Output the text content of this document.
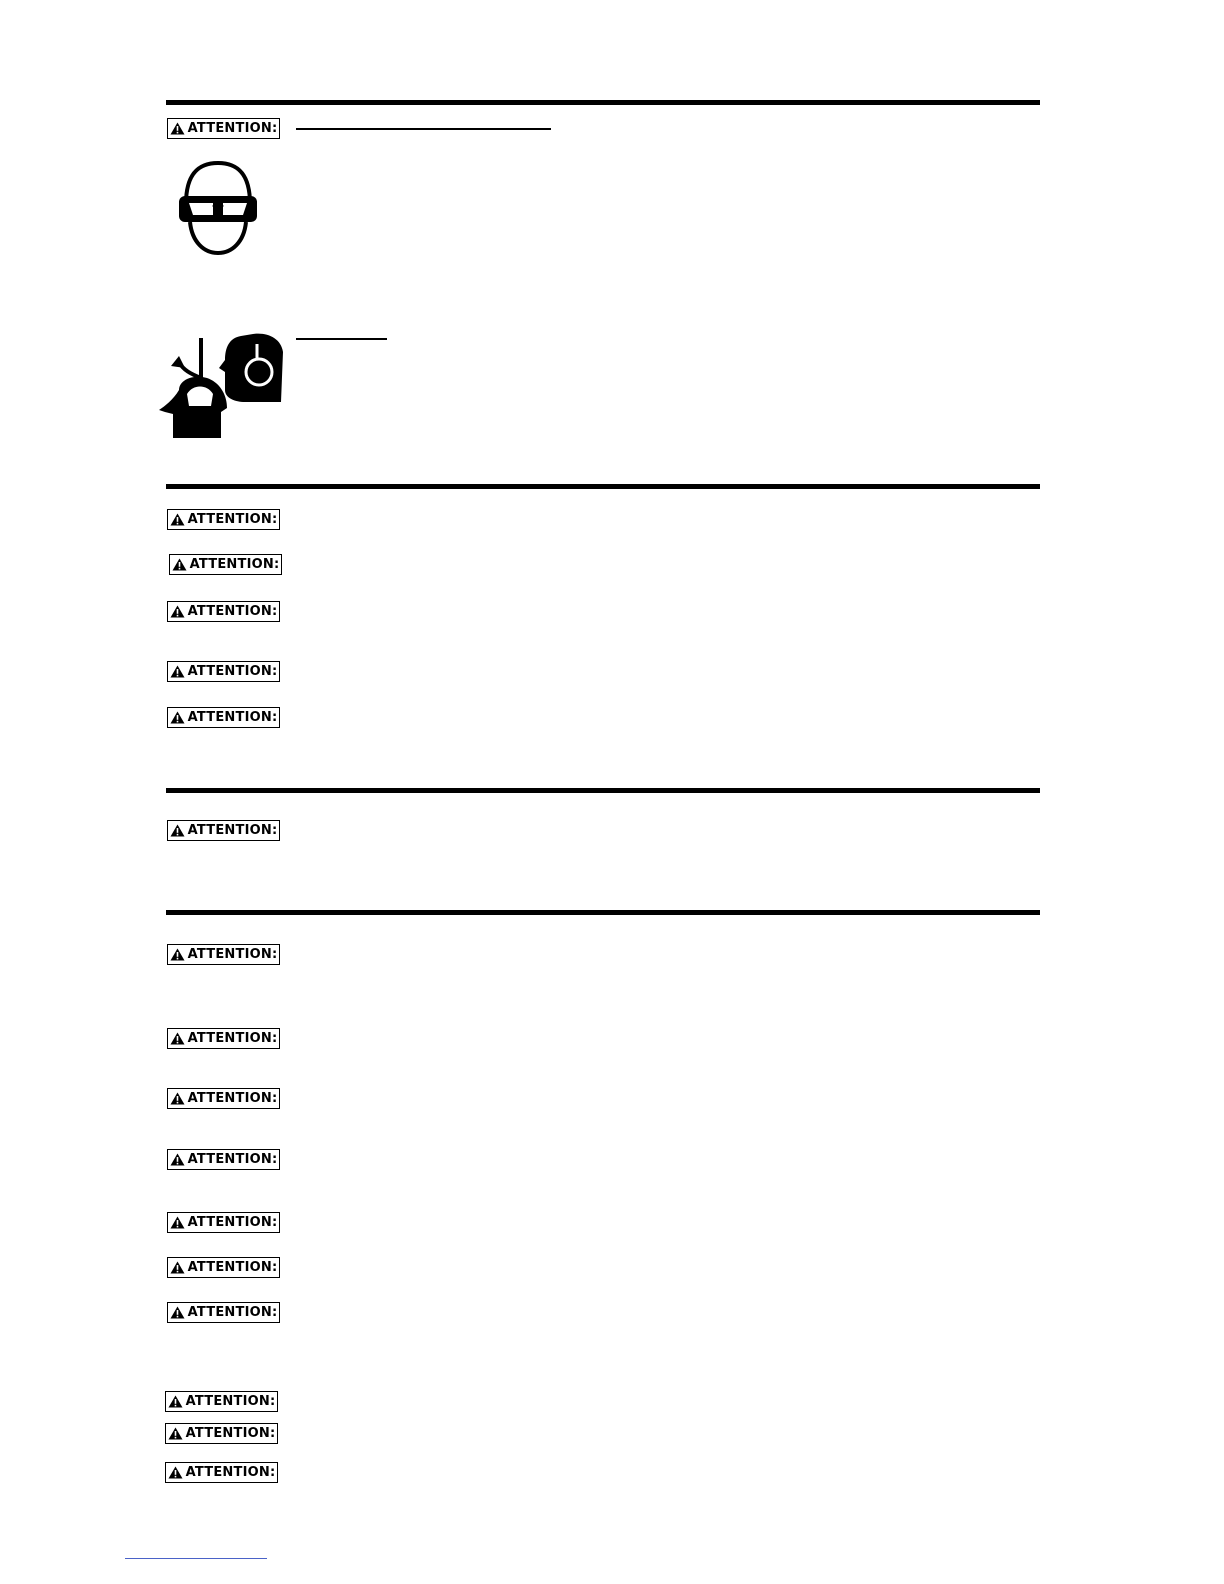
ATTENTION:
ATTENTION:
ATTENTION:
ATTENTION:
ATTENTION:
ATTENTION:
ATTENTION:
ATTENTION:
ATTENTION:
ATTENTION:
ATTENTION:
ATTENTION:
ATTENTION:
ATTENTION:
ATTENTION:
ATTENTION:
ATTENTION:
